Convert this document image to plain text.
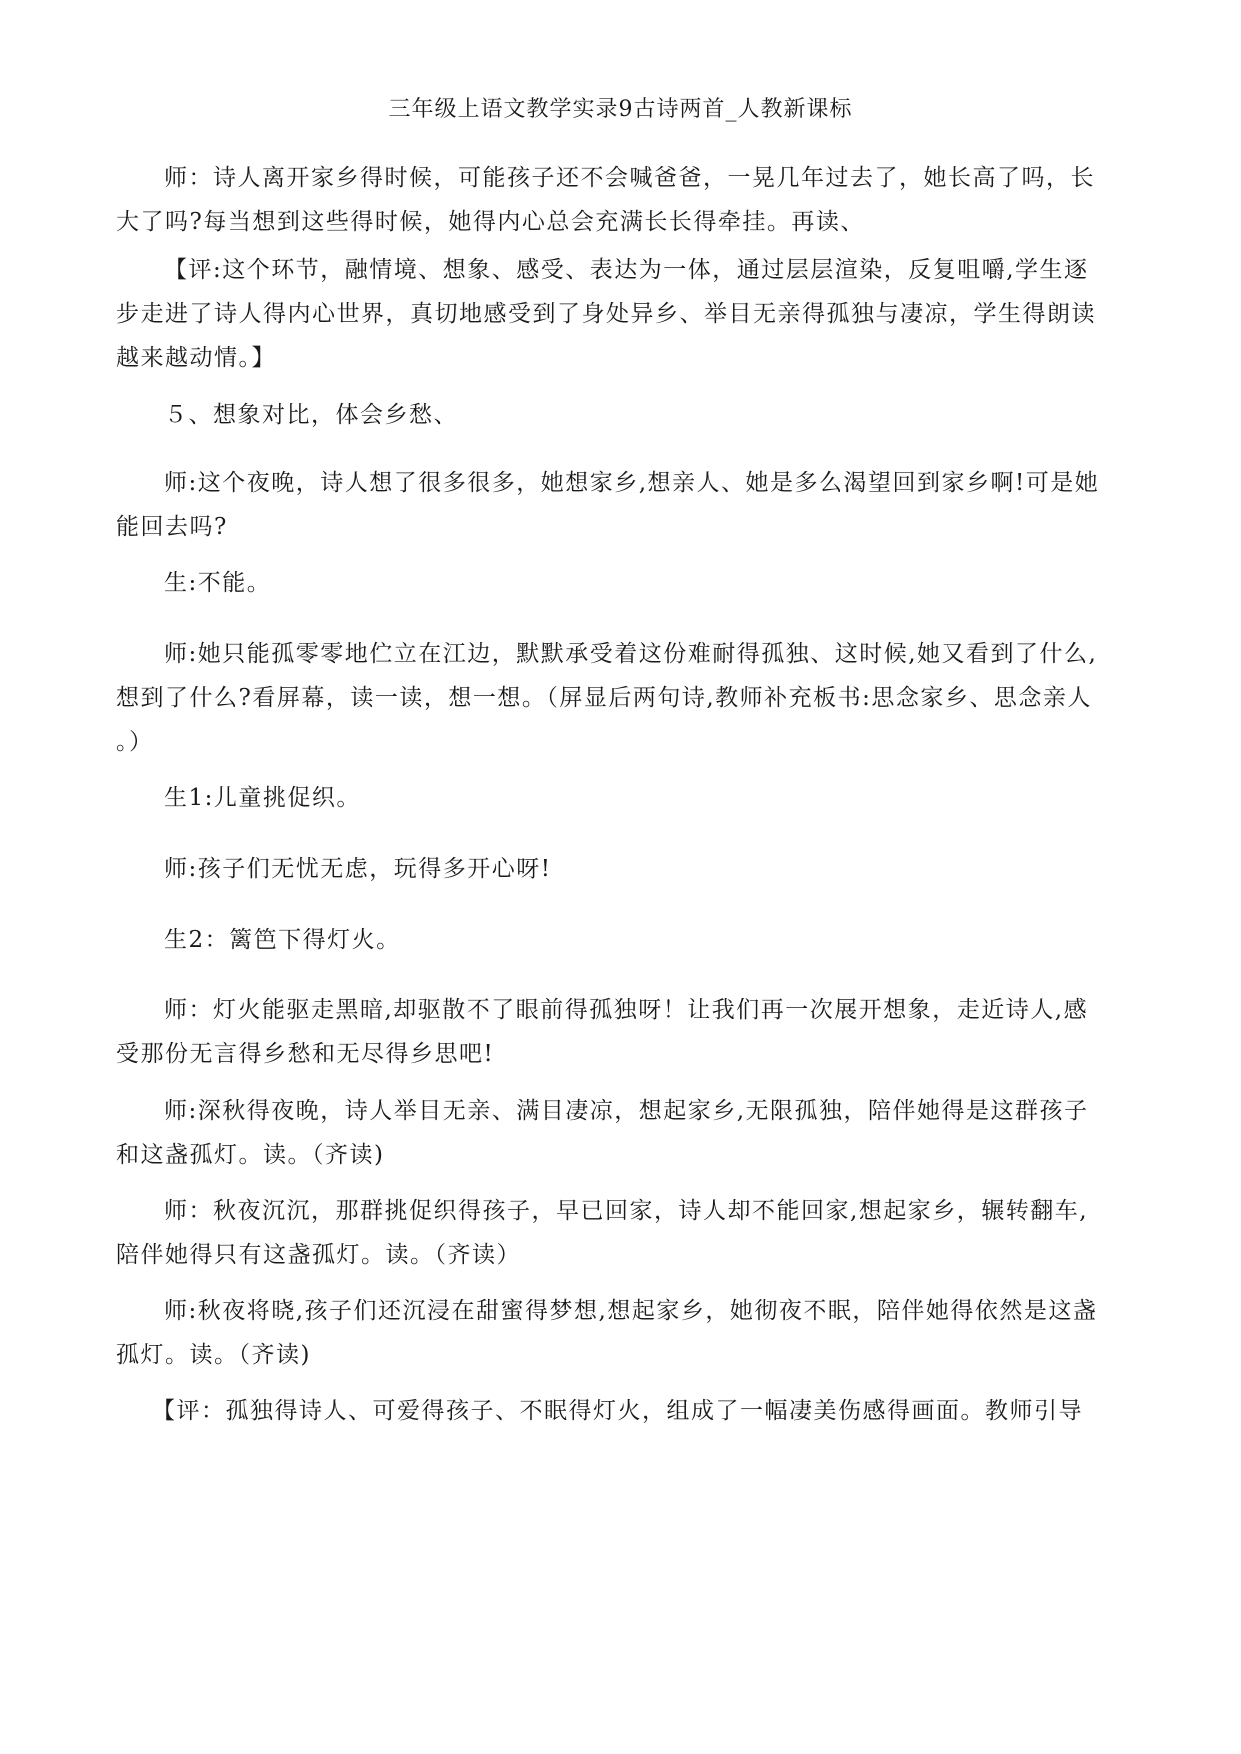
三年级上语文教学实录9古诗两首_人教新课标
师：诗人离开家乡得时候，可能孩子还不会喊爸爸，一晃几年过去了，她长高了吗，长
大了吗?每当想到这些得时候，她得内心总会充满长长得牵挂。再读、
【评:这个环节，融情境、想象、感受、表达为一体，通过层层渲染，反复咀嚼,学生逐
步走进了诗人得内心世界，真切地感受到了身处异乡、举目无亲得孤独与凄凉，学生得朗读
越来越动情。】
５、想象对比，体会乡愁、
师:这个夜晚，诗人想了很多很多，她想家乡,想亲人、她是多么渴望回到家乡啊!可是她
能回去吗?
生:不能。
师:她只能孤零零地伫立在江边，默默承受着这份难耐得孤独、这时候,她又看到了什么,
想到了什么?看屏幕，读一读，想一想。（屏显后两句诗,教师补充板书:思念家乡、思念亲人
。）
生1:儿童挑促织。
师:孩子们无忧无虑，玩得多开心呀!
生2：篱笆下得灯火。
师：灯火能驱走黑暗,却驱散不了眼前得孤独呀！让我们再一次展开想象，走近诗人,感
受那份无言得乡愁和无尽得乡思吧!
师:深秋得夜晚，诗人举目无亲、满目凄凉，想起家乡,无限孤独，陪伴她得是这群孩子
和这盏孤灯。读。（齐读)
师：秋夜沉沉，那群挑促织得孩子，早已回家，诗人却不能回家,想起家乡，辗转翻车,
陪伴她得只有这盏孤灯。读。（齐读）
师:秋夜将晓,孩子们还沉浸在甜蜜得梦想,想起家乡，她彻夜不眠，陪伴她得依然是这盏
孤灯。读。（齐读)
【评：孤独得诗人、可爱得孩子、不眠得灯火，组成了一幅凄美伤感得画面。教师引导
